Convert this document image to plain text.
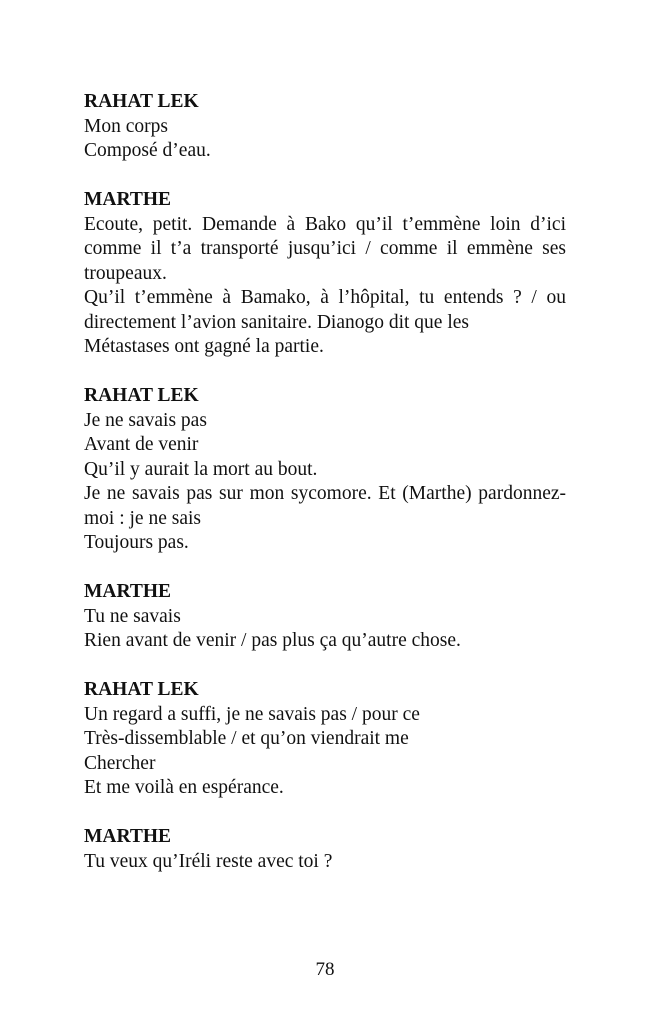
RAHAT LEK
Mon corps
Composé d’eau.
MARTHE
Ecoute, petit. Demande à Bako qu’il t’emmène loin d’ici comme il t’a transporté jusqu’ici / comme il emmène ses troupeaux.
Qu’il t’emmène à Bamako, à l’hôpital, tu entends ? / ou directement l’avion sanitaire. Dianogo dit que les
Métastases ont gagné la partie.
RAHAT LEK
Je ne savais pas
Avant de venir
Qu’il y aurait la mort au bout.
Je ne savais pas sur mon sycomore. Et (Marthe) pardonnez-moi : je ne sais
Toujours pas.
MARTHE
Tu ne savais
Rien avant de venir / pas plus ça qu’autre chose.
RAHAT LEK
Un regard a suffi, je ne savais pas / pour ce
Très-dissemblable / et qu’on viendrait me
Chercher
Et me voilà en espérance.
MARTHE
Tu veux qu’Iréli reste avec toi ?
78
